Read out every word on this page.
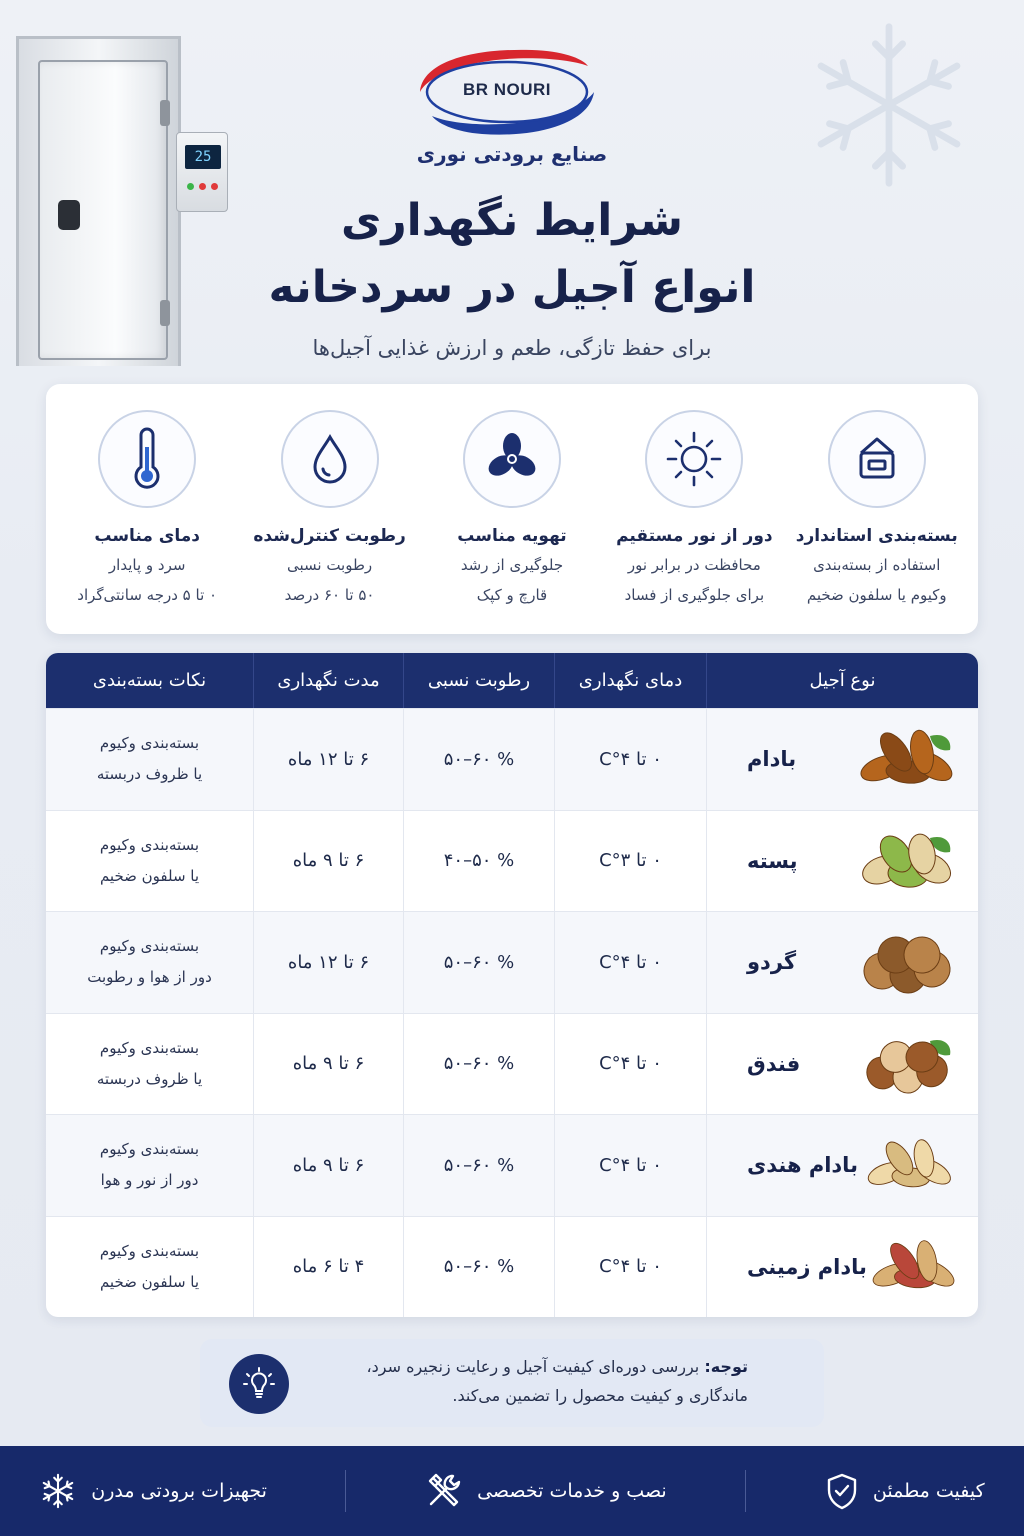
25
BR NOURI
صنایع برودتی نوری
شرایط نگهداری
انواع آجیل در سردخانه
برای حفظ تازگی، طعم و ارزش غذایی آجیل‌ها
بسته‌بندی استاندارد
استفاده از بسته‌بندی
وکیوم یا سلفون ضخیم
دور از نور مستقیم
محافظت در برابر نور
برای جلوگیری از فساد
تهویه مناسب
جلوگیری از رشد
قارچ و کپک
رطوبت کنترل‌شده
رطوبت نسبی
۵۰ تا ۶۰ درصد
دمای مناسب
سرد و پایدار
۰ تا ۵ درجه سانتی‌گراد
نوع آجیل
دمای نگهداری
رطوبت نسبی
مدت نگهداری
نکات بسته‌بندی
بادام
۰ تا ۴°C
% ۶۰–۵۰
۶ تا ۱۲ ماه
بسته‌بندی وکیوم
یا ظروف دربسته
پسته
۰ تا ۳°C
% ۵۰–۴۰
۶ تا ۹ ماه
بسته‌بندی وکیوم
یا سلفون ضخیم
گردو
۰ تا ۴°C
% ۶۰–۵۰
۶ تا ۱۲ ماه
بسته‌بندی وکیوم
دور از هوا و رطوبت
فندق
۰ تا ۴°C
% ۶۰–۵۰
۶ تا ۹ ماه
بسته‌بندی وکیوم
یا ظروف دربسته
بادام هندی
۰ تا ۴°C
% ۶۰–۵۰
۶ تا ۹ ماه
بسته‌بندی وکیوم
دور از نور و هوا
بادام زمینی
۰ تا ۴°C
% ۶۰–۵۰
۴ تا ۶ ماه
بسته‌بندی وکیوم
یا سلفون ضخیم
توجه: بررسی دوره‌ای کیفیت آجیل و رعایت زنجیره سرد،
ماندگاری و کیفیت محصول را تضمین می‌کند.
کیفیت مطمئن
نصب و خدمات تخصصی
تجهیزات برودتی مدرن
